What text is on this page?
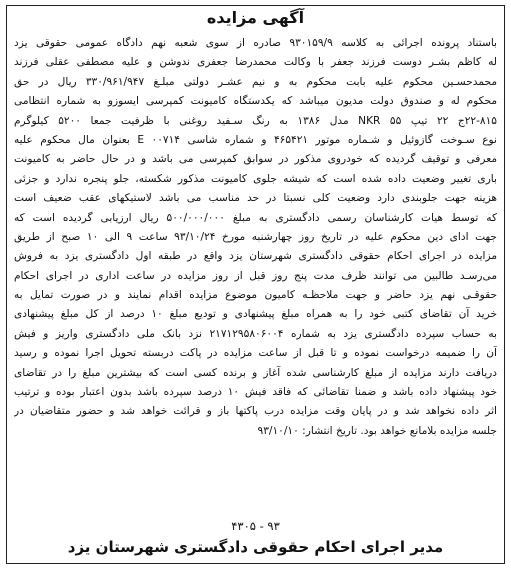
آگهی مزایده
باستناد پرونده اجرائی به کلاسه ۹۳۰۱۵۹/۹ صادره از سوی شعبه نهم دادگاه عمومی حقوقی یزد
له کاظم بشـر دوست فرزند جعفر با وکالت محمدرضا جعفری ندوشن و علیه مصطفی عقلی فرزند
محمدحسـین محکوم علیه بابت محکوم به و نیم عشـر دولتی مبلـغ ۳۳۰/۹۶۱/۹۴۷ ریال در حق
محکوم له و صندوق دولت مدیون میباشد که یکدستگاه کامیونت کمپرسی ایسوزو به شماره انتظامی
۲۲-۸۱۵ج ۲۲ تیپ NKR ۵۵ مدل ۱۳۸۶ به رنگ سـفید روغنی با ظرفیت جمعا ۵۲۰۰ کیلوگرم
نوع سـوخت گازوئیل و شـماره موتور ۴۶۵۴۲۱ و شماره شاسی E ۰۰۷۱۴ بعنوان مال محکوم علیه
معرفی و توقیف گردیده که خودروی مذکور در سوابق کمپرسی می باشد و در حال حاضر به کامیونت
باری تغییر وضعیت داده شده است که شیشه جلوی کامیونت مذکور شکسته، جلو پنجره ندارد و جزئی
هزینه جهت جلوبندی دارد وضعیت کلی نسبتا در حد مناسب می باشد لاستیکهای عقب ضعیف است
که توسط هیات کارشناسان رسمی دادگستری به مبلغ ۵۰۰/۰۰۰/۰۰۰ ریال ارزیابی گردیده است که
جهت ادای دین محکوم علیه در تاریخ روز چهارشنبه مورخ ۹۳/۱۰/۲۴ ساعت ۹ الی ۱۰ صبح از طریق
مزایده در اجرای احکام حقوقی دادگستری شهرستان یزد واقع در طبقه اول دادگستری یزد به فروش
می‌رسـد طالبین می توانند ظرف مدت پنج روز قبل از روز مزایده در ساعت اداری در اجرای احکام
حقوقـی نهم یزد حاضر و جهت ملاحظـه کامیون موضوع مزایده اقدام نمایند و در صورت تمایل به
خرید آن تقاضای کتبی خود را به همراه مبلغ پیشنهادی و تودیع مبلغ ۱۰ درصد از کل مبلغ پیشنهادی
به حساب سپرده دادگستری یزد به شماره ۲۱۷۱۲۹۵۸۰۶۰۰۴ نزد بانک ملی دادگستری واریز و فیش
آن را ضمیمه درخواست نموده و تا قبل از ساعت مزایده در پاکت دربسته تحویل اجرا نموده و رسید
دریافت دارند مزایده از مبلغ کارشناسی شده آغاز و برنده کسی است که بیشترین مبلغ را در تقاضای
خود پیشنهاد داده باشد و ضمنا تقاضائی که فاقد فیش ۱۰ درصد سپرده باشد بدون اعتبار بوده و ترتیب
اثر داده نخواهد شد و در پایان وقت مزایده درب پاکتها باز و قرائت خواهد شد و حضور متقاضیان در
جلسه مزایده بلامانع خواهد بود. تاریخ انتشار: ۹۳/۱۰/۱۰
۴۳۰۵ - ۹۳
مدیر اجرای احکام حقوقی دادگستری شهرستان یزد
